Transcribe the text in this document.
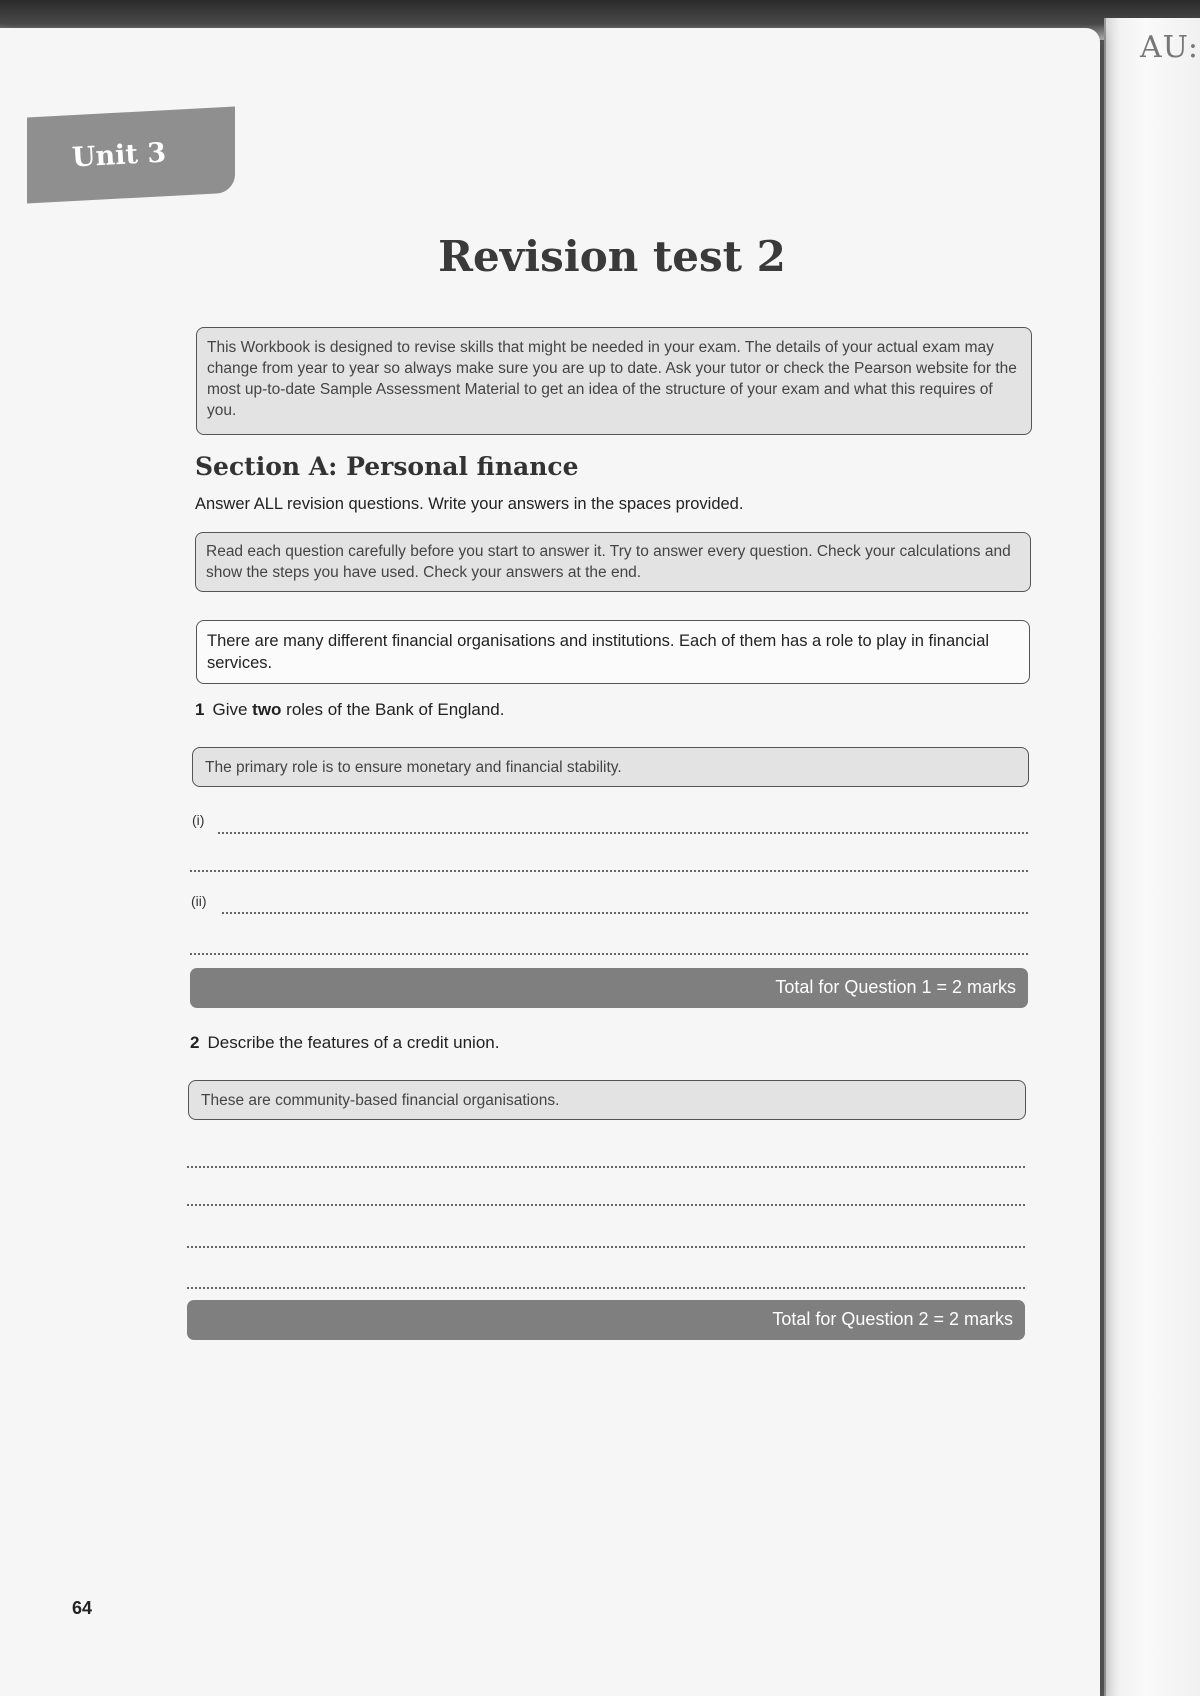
AU:
Unit 3
Revision test 2
This Workbook is designed to revise skills that might be needed in your exam. The details of your actual exam may change from year to year so always make sure you are up to date. Ask your tutor or check the Pearson website for the most up-to-date Sample Assessment Material to get an idea of the structure of your exam and what this requires of you.
Section A: Personal finance
Answer ALL revision questions. Write your answers in the spaces provided.
Read each question carefully before you start to answer it. Try to answer every question. Check your calculations and show the steps you have used. Check your answers at the end.
There are many different financial organisations and institutions. Each of them has a role to play in financial services.
1 Give two roles of the Bank of England.
The primary role is to ensure monetary and financial stability.
(i)
(ii)
Total for Question 1 = 2 marks
2 Describe the features of a credit union.
These are community-based financial organisations.
Total for Question 2 = 2 marks
64
